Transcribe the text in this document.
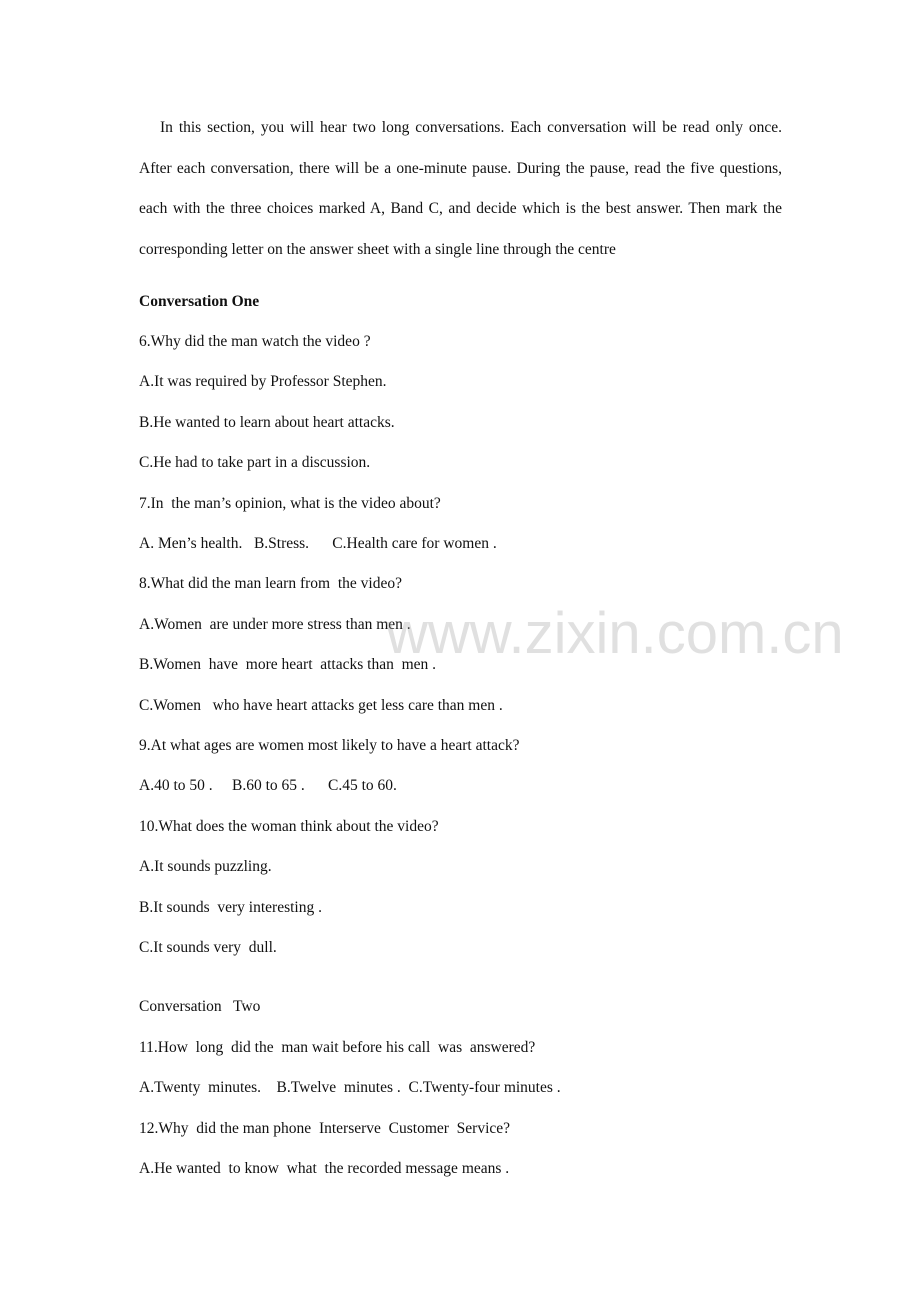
In this section, you will hear two long conversations. Each conversation will be read only once. After each conversation, there will be a one-minute pause. During the pause, read the five questions, each with the three choices marked A, Band C, and decide which is the best answer. Then mark the corresponding letter on the answer sheet with a single line through the centre

Conversation One

6.Why did the man watch the video ?

A.It was required by Professor Stephen.

B.He wanted to learn about heart attacks.

C.He had to take part in a discussion.

7.In  the man’s opinion, what is the video about?

A. Men’s health.   B.Stress.      C.Health care for women .

8.What did the man learn from  the video?

A.Women  are under more stress than men .

B.Women  have  more heart  attacks than  men .

C.Women   who have heart attacks get less care than men .

9.At what ages are women most likely to have a heart attack?

A.40 to 50 .     B.60 to 65 .      C.45 to 60.

10.What does the woman think about the video?

A.It sounds puzzling.

B.It sounds  very interesting .

C.It sounds very  dull.

Conversation   Two

11.How  long  did the  man wait before his call  was  answered?

A.Twenty  minutes.    B.Twelve  minutes .  C.Twenty-four minutes .

12.Why  did the man phone  Interserve  Customer  Service?

A.He wanted  to know  what  the recorded message means .

www.zixin.com.cn
